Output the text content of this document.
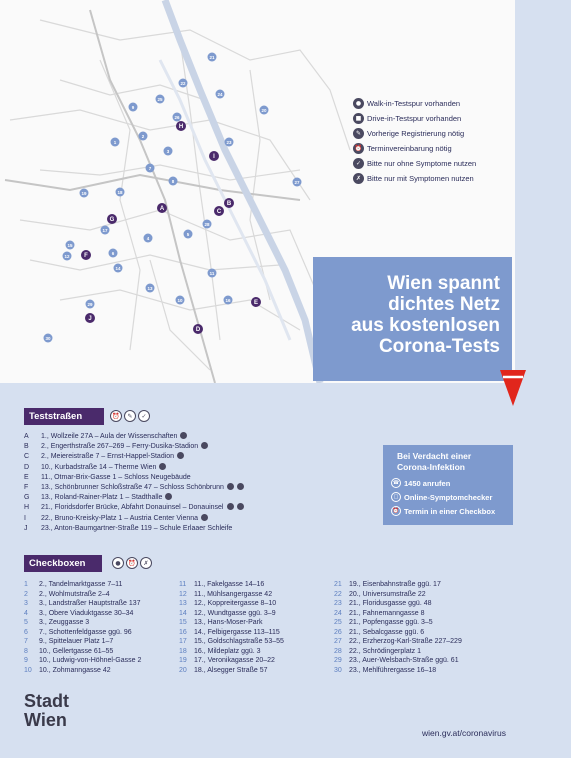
21
22
24
25
9
26
H
2
1
3
I
23
20
7
8	27
19	18
G
A
B
C
17
4
5
28
15
6
12 F
14
13
11
10	16	E
29
J
D
30
● Walk-in-Testspur vorhanden
■ Drive-in-Testspur vorhanden
✎ Vorherige Registrierung nötig
⏰ Terminvereinbarung nötig
✓ Bitte nur ohne Symptome nutzen
✗ Bitte nur mit Symptomen nutzen
Wien spannt
dichtes Netz
aus kostenlosen
Corona-Tests
Teststraßen	⏰	✎	✓
A	1., Wollzeile 27A – Aula der Wissenschaften
B	2., Engerthstraße 267–269 – Ferry-Dusika-Stadion
C	2., Meiereistraße 7 – Ernst-Happel-Stadion
D	10., Kurbadstraße 14 – Therme Wien
E	11., Otmar-Brix-Gasse 1 – Schloss Neugebäude
F	13., Schönbrunner Schloßstraße 47 – Schloss Schönbrunn
G	13., Roland-Rainer-Platz 1 – Stadthalle
H	21., Floridsdorfer Brücke, Abfahrt Donauinsel – Donauinsel
I	22., Bruno-Kreisky-Platz 1 – Austria Center Vienna
J	23., Anton-Baumgartner-Straße 119 – Schule Erlaaer Schleife
Bei Verdacht einer
Corona-Infektion
☎ 1450 anrufen
□ Online-Symptomchecker
⏰ Termin in einer Checkbox
Checkboxen	●	⏰	✗
1	2., Tandelmarktgasse 7–11
2	2., Wohlmutstraße 2–4
3	3., Landstraßer Hauptstraße 137
4	3., Obere Viaduktgasse 30–34
5	3., Zeuggasse 3
6	7., Schottenfeldgasse ggü. 96
7	9., Spittelauer Platz 1–7
8	10., Gellertgasse 61–55
9	10., Ludwig-von-Höhnel-Gasse 2
10	10., Zohmanngasse 42
11	11., Fakelgasse 14–16
12	11., Mühlsangergasse 42
13	12., Koppreitergasse 8–10
14	12., Wundtgasse ggü. 3–9
15	13., Hans-Moser-Park
16	14., Felbigergasse 113–115
17	15., Goldschlagstraße 53–55
18	16., Mildeplatz ggü. 3
19	17., Veronikagasse 20–22
20	18., Alsegger Straße 57
21	19., Eisenbahnstraße ggü. 17
22	20., Universumstraße 22
23	21., Floridusgasse ggü. 48
24	21., Fahnemanngasse 8
25	21., Popfengasse ggü. 3–5
26	21., Sebalcgasse ggü. 6
27	22., Erzherzog-Karl-Straße 227–229
28	22., Schrödingerplatz 1
29	23., Auer-Welsbach-Straße ggü. 61
30	23., Mehlführergasse 16–18
Stadt
Wien
wien.gv.at/coronavirus
